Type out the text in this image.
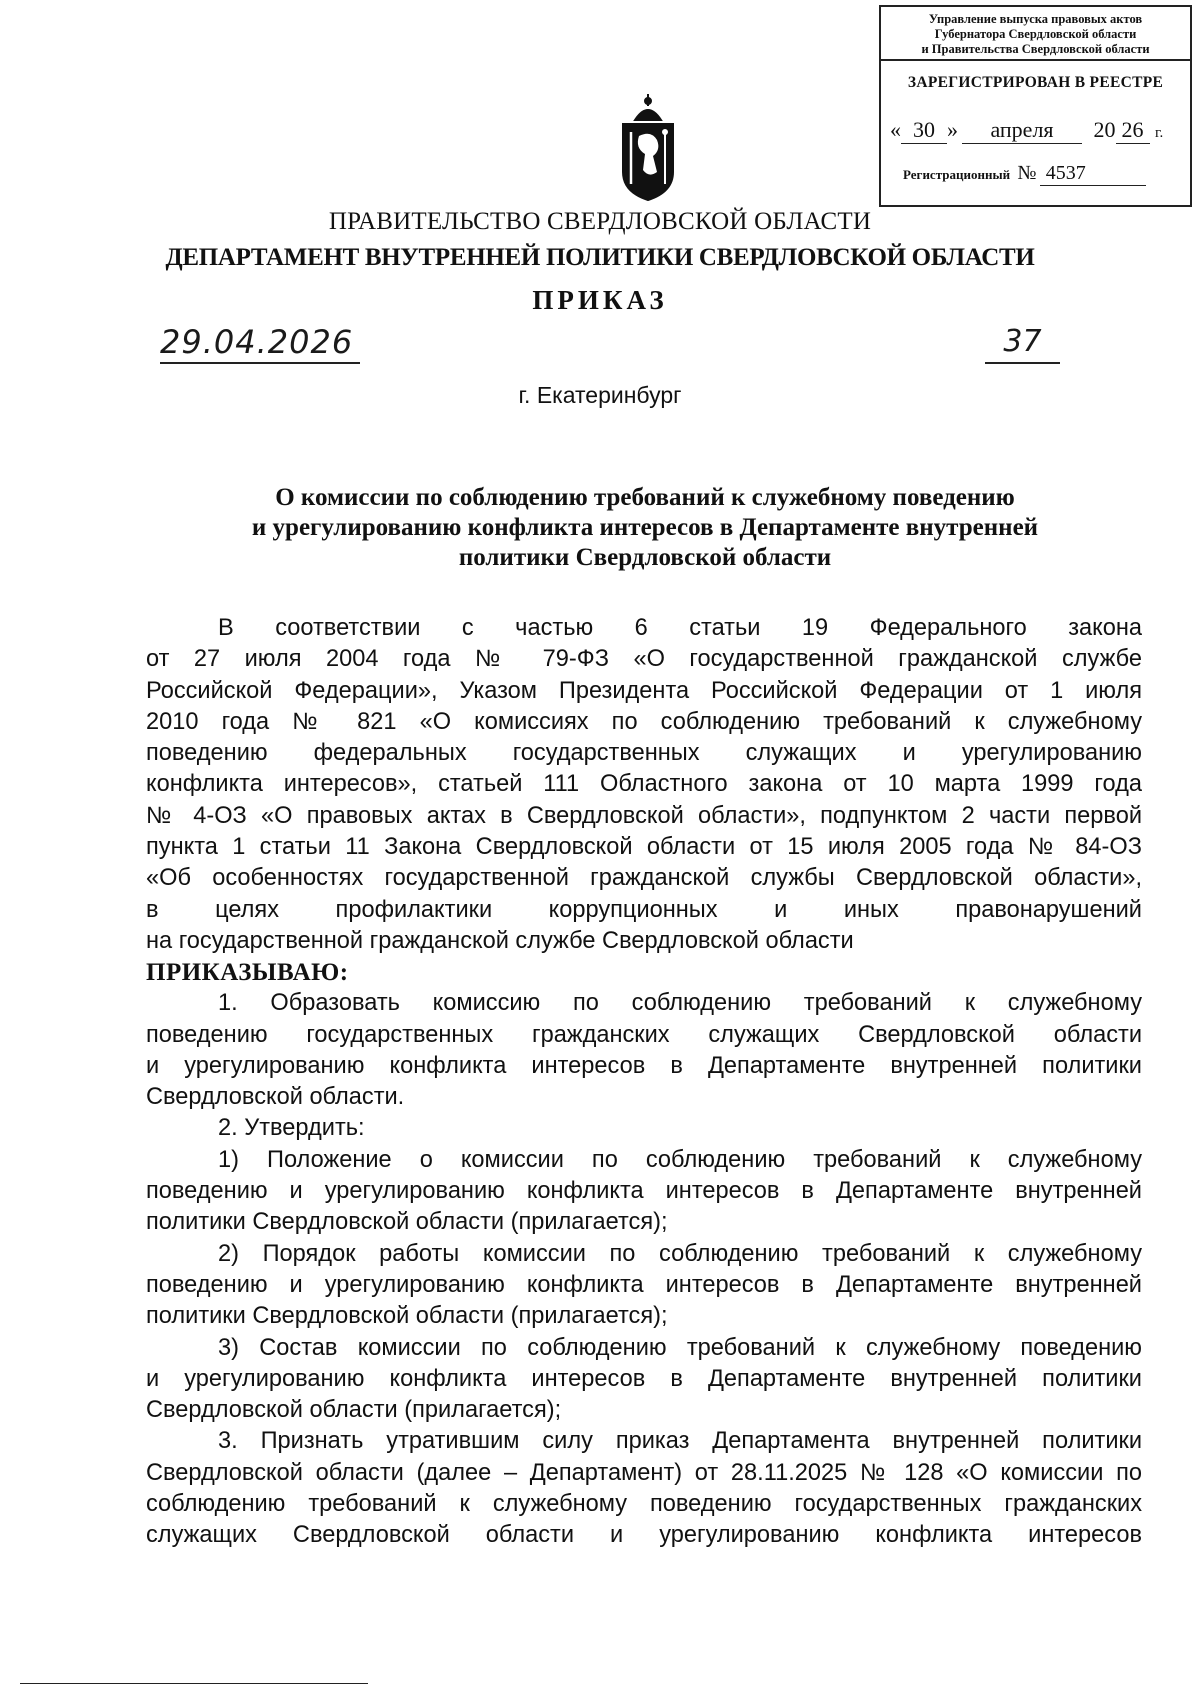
Управление выпуска правовых актов
Губернатора Свердловской области
и Правительства Свердловской области
ЗАРЕГИСТРИРОВАН В РЕЕСТРЕ
« 30 » апреля 20 26 г.
Регистрационный № 4537
ПРАВИТЕЛЬСТВО СВЕРДЛОВСКОЙ ОБЛАСТИ
ДЕПАРТАМЕНТ ВНУТРЕННЕЙ ПОЛИТИКИ СВЕРДЛОВСКОЙ ОБЛАСТИ
ПРИКАЗ
29.04.2026	37
г. Екатеринбург
О комиссии по соблюдению требований к служебному поведению
и урегулированию конфликта интересов в Департаменте внутренней
политики Свердловской области

В соответствии с частью 6 статьи 19 Федерального закона

от 27 июля 2004 года № 79-ФЗ «О государственной гражданской службе

Российской Федерации», Указом Президента Российской Федерации от 1 июля

2010 года № 821 «О комиссиях по соблюдению требований к служебному

поведению федеральных государственных служащих и урегулированию

конфликта интересов», статьей 111 Областного закона от 10 марта 1999 года

№ 4-ОЗ «О правовых актах в Свердловской области», подпунктом 2 части первой

пункта 1 статьи 11 Закона Свердловской области от 15 июля 2005 года № 84-ОЗ

«Об особенностях государственной гражданской службы Свердловской области»,

в целях профилактики коррупционных и иных правонарушений

на государственной гражданской службе Свердловской области

ПРИКАЗЫВАЮ:

1. Образовать комиссию по соблюдению требований к служебному

поведению государственных гражданских служащих Свердловской области

и урегулированию конфликта интересов в Департаменте внутренней политики

Свердловской области.

2. Утвердить:

1) Положение о комиссии по соблюдению требований к служебному

поведению и урегулированию конфликта интересов в Департаменте внутренней

политики Свердловской области (прилагается);

2) Порядок работы комиссии по соблюдению требований к служебному

поведению и урегулированию конфликта интересов в Департаменте внутренней

политики Свердловской области (прилагается);

3) Состав комиссии по соблюдению требований к служебному поведению

и урегулированию конфликта интересов в Департаменте внутренней политики

Свердловской области (прилагается);

3. Признать утратившим силу приказ Департамента внутренней политики

Свердловской области (далее – Департамент) от 28.11.2025 № 128 «О комиссии по

соблюдению требований к служебному поведению государственных гражданских

служащих Свердловской области и урегулированию конфликта интересов
